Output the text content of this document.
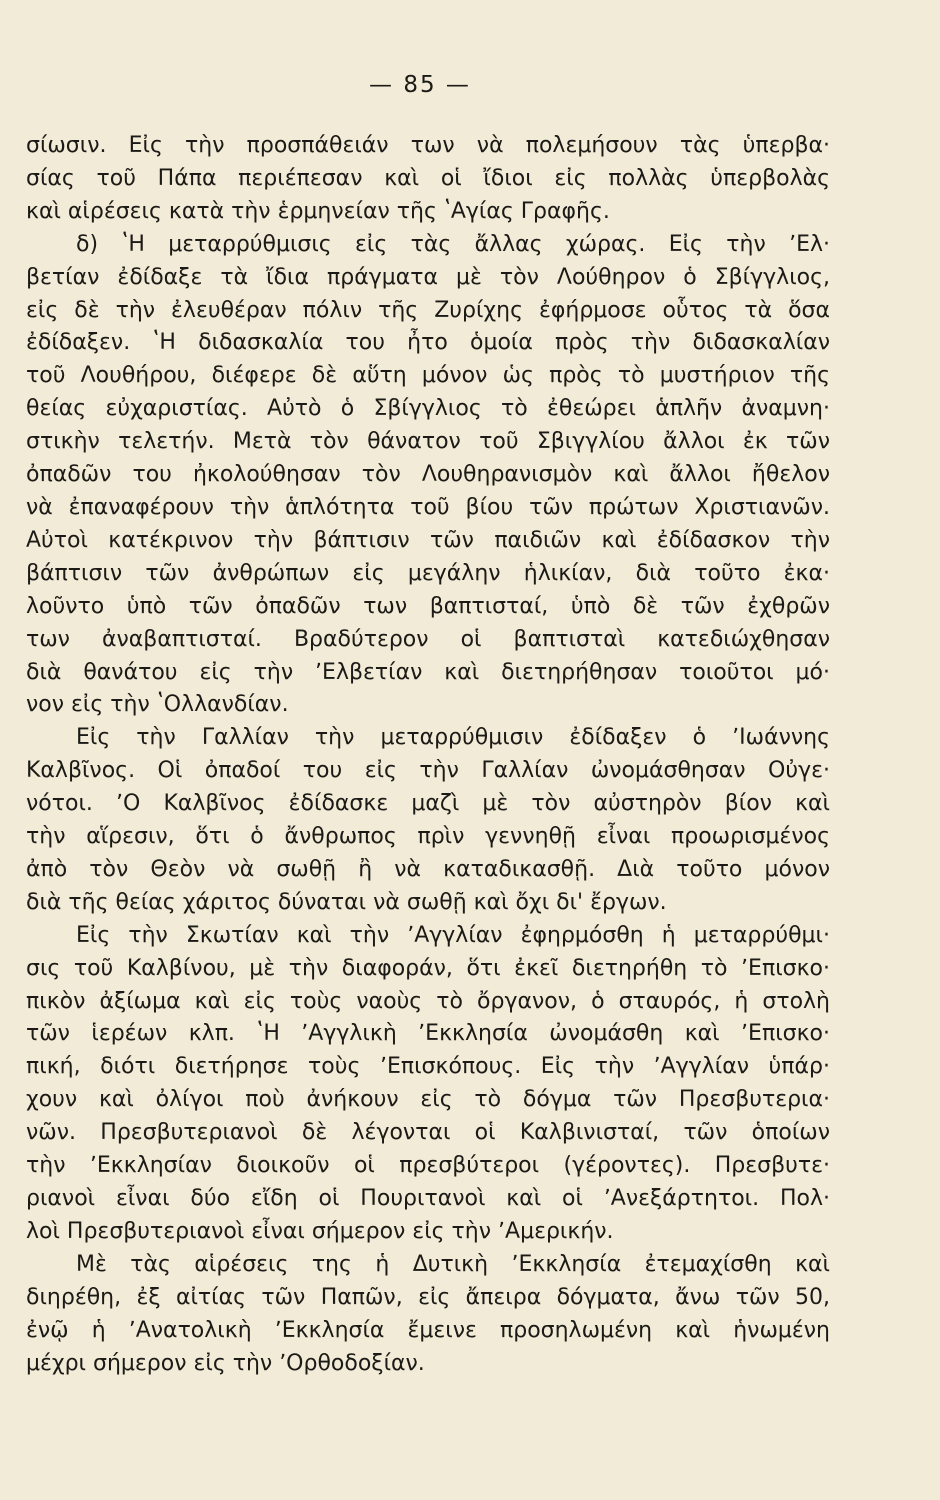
— 85 —
σίωσιν. Εἰς τὴν προσπάθειάν των νὰ πολεμήσουν τὰς ὑπερβα·
σίας τοῦ Πάπα περιέπεσαν καὶ οἱ ἴδιοι εἰς πολλὰς ὑπερβολὰς
καὶ αἱρέσεις κατὰ τὴν ἑρμηνείαν τῆς ʽΑγίας Γραφῆς.
δ) ʽΗ μεταρρύθμισις εἰς τὰς ἄλλας χώρας. Εἰς τὴν ʼΕλ·
βετίαν ἐδίδαξε τὰ ἴδια πράγματα μὲ τὸν Λούθηρον ὁ Σβίγγλιος,
εἰς δὲ τὴν ἐλευθέραν πόλιν τῆς Ζυρίχης ἐφήρμοσε οὗτος τὰ ὅσα
ἐδίδαξεν. ʽΗ διδασκαλία του ἦτο ὁμοία πρὸς τὴν διδασκαλίαν
τοῦ Λουθήρου, διέφερε δὲ αὕτη μόνον ὡς πρὸς τὸ μυστήριον τῆς
θείας εὐχαριστίας. Αὐτὸ ὁ Σβίγγλιος τὸ ἐθεώρει ἁπλῆν ἀναμνη·
στικὴν τελετήν. Μετὰ τὸν θάνατον τοῦ Σβιγγλίου ἄλλοι ἐκ τῶν
ὀπαδῶν του ἠκολούθησαν τὸν Λουθηρανισμὸν καὶ ἄλλοι ἤθελον
νὰ ἐπαναφέρουν τὴν ἁπλότητα τοῦ βίου τῶν πρώτων Χριστιανῶν.
Αὐτοὶ κατέκρινον τὴν βάπτισιν τῶν παιδιῶν καὶ ἐδίδασκον τὴν
βάπτισιν τῶν ἀνθρώπων εἰς μεγάλην ἡλικίαν, διὰ τοῦτο ἐκα·
λοῦντο ὑπὸ τῶν ὀπαδῶν των βαπτισταί, ὑπὸ δὲ τῶν ἐχθρῶν
των ἀναβαπτισταί. Βραδύτερον οἱ βαπτισταὶ κατεδιώχθησαν
διὰ θανάτου εἰς τὴν ʼΕλβετίαν καὶ διετηρήθησαν τοιοῦτοι μό·
νον εἰς τὴν ʽΟλλανδίαν.
Εἰς τὴν Γαλλίαν τὴν μεταρρύθμισιν ἐδίδαξεν ὁ ʼΙωάννης
Καλβῖνος. Οἱ ὀπαδοί του εἰς τὴν Γαλλίαν ὠνομάσθησαν Οὐγε·
νότοι. ʼΟ Καλβῖνος ἐδίδασκε μαζὶ μὲ τὸν αὐστηρὸν βίον καὶ
τὴν αἵρεσιν, ὅτι ὁ ἄνθρωπος πρὶν γεννηθῇ εἶναι προωρισμένος
ἀπὸ τὸν Θεὸν νὰ σωθῇ ἢ νὰ καταδικασθῇ. Διὰ τοῦτο μόνον
διὰ τῆς θείας χάριτος δύναται νὰ σωθῇ καὶ ὄχι δι' ἔργων.
Εἰς τὴν Σκωτίαν καὶ τὴν ʼΑγγλίαν ἐφηρμόσθη ἡ μεταρρύθμι·
σις τοῦ Καλβίνου, μὲ τὴν διαφοράν, ὅτι ἐκεῖ διετηρήθη τὸ ʼΕπισκο·
πικὸν ἀξίωμα καὶ εἰς τοὺς ναοὺς τὸ ὄργανον, ὁ σταυρός, ἡ στολὴ
τῶν ἱερέων κλπ. ʽΗ ʼΑγγλικὴ ʼΕκκλησία ὠνομάσθη καὶ ʼΕπισκο·
πική, διότι διετήρησε τοὺς ʼΕπισκόπους. Εἰς τὴν ʼΑγγλίαν ὑπάρ·
χουν καὶ ὀλίγοι ποὺ ἀνήκουν εἰς τὸ δόγμα τῶν Πρεσβυτερια·
νῶν. Πρεσβυτεριανοὶ δὲ λέγονται οἱ Καλβινισταί, τῶν ὁποίων
τὴν ʼΕκκλησίαν διοικοῦν οἱ πρεσβύτεροι (γέροντες). Πρεσβυτε·
ριανοὶ εἶναι δύο εἴδη οἱ Πουριτανοὶ καὶ οἱ ʼΑνεξάρτητοι. Πολ·
λοὶ Πρεσβυτεριανοὶ εἶναι σήμερον εἰς τὴν ʼΑμερικήν.
Μὲ τὰς αἱρέσεις της ἡ Δυτικὴ ʼΕκκλησία ἐτεμαχίσθη καὶ
διηρέθη, ἐξ αἰτίας τῶν Παπῶν, εἰς ἄπειρα δόγματα, ἄνω τῶν 50,
ἐνῷ ἡ ʼΑνατολικὴ ʼΕκκλησία ἔμεινε προσηλωμένη καὶ ἡνωμένη
μέχρι σήμερον εἰς τὴν ʼΟρθοδοξίαν.
